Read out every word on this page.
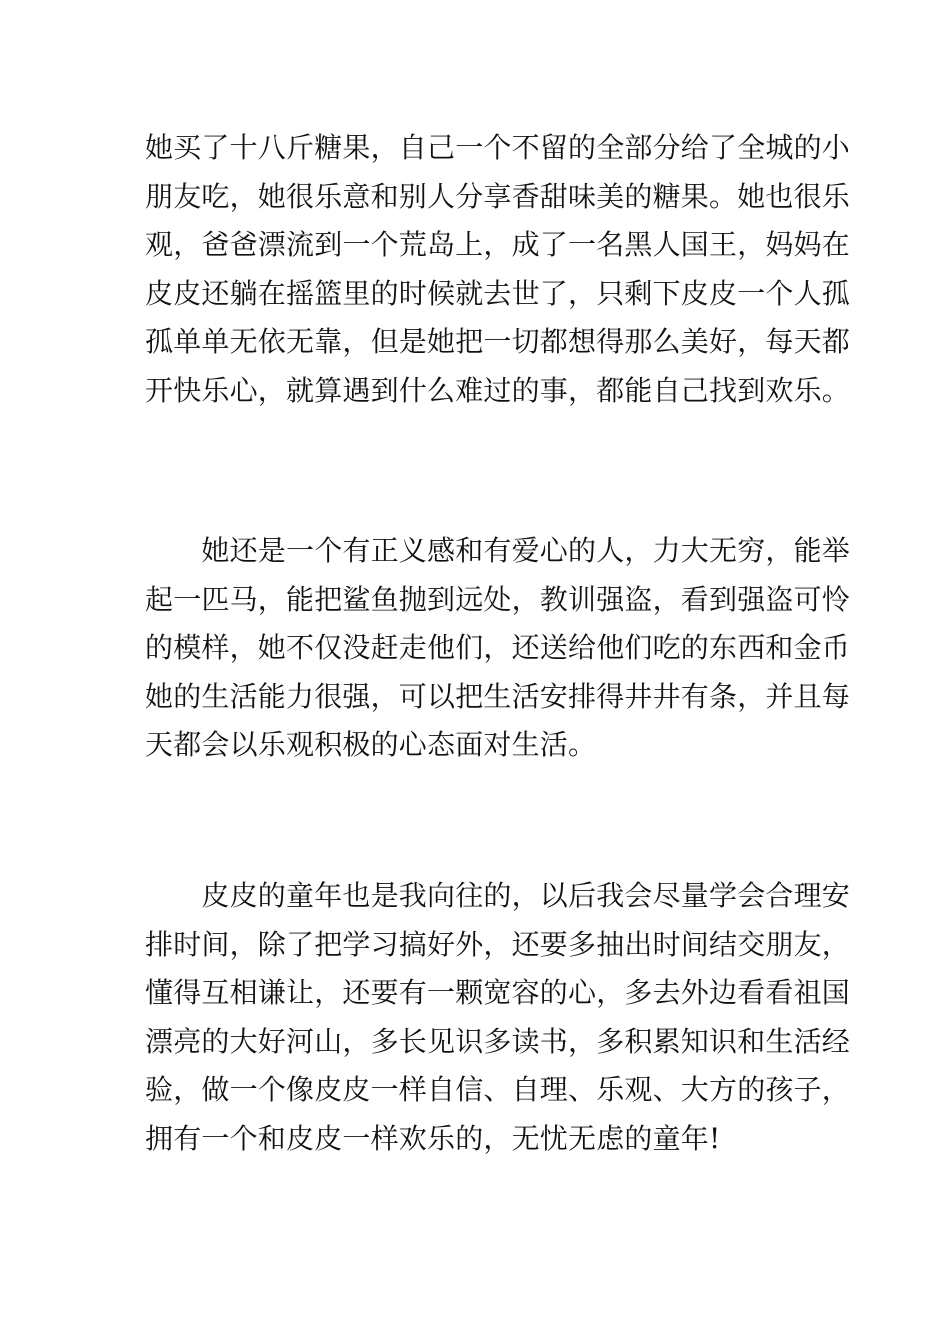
她买了十八斤糖果，自己一个不留的全部分给了全城的小
朋友吃，她很乐意和别人分享香甜味美的糖果。她也很乐
观，爸爸漂流到一个荒岛上，成了一名黑人国王，妈妈在
皮皮还躺在摇篮里的时候就去世了，只剩下皮皮一个人孤
孤单单无依无靠，但是她把一切都想得那么美好，每天都
开快乐心，就算遇到什么难过的事，都能自己找到欢乐。

　　她还是一个有正义感和有爱心的人，力大无穷，能举
起一匹马，能把鲨鱼抛到远处，教训强盗，看到强盗可怜
的模样，她不仅没赶走他们，还送给他们吃的东西和金币
她的生活能力很强，可以把生活安排得井井有条，并且每
天都会以乐观积极的心态面对生活。

　　皮皮的童年也是我向往的，以后我会尽量学会合理安
排时间，除了把学习搞好外，还要多抽出时间结交朋友，
懂得互相谦让，还要有一颗宽容的心，多去外边看看祖国
漂亮的大好河山，多长见识多读书，多积累知识和生活经
验，做一个像皮皮一样自信、自理、乐观、大方的孩子，
拥有一个和皮皮一样欢乐的，无忧无虑的童年!
